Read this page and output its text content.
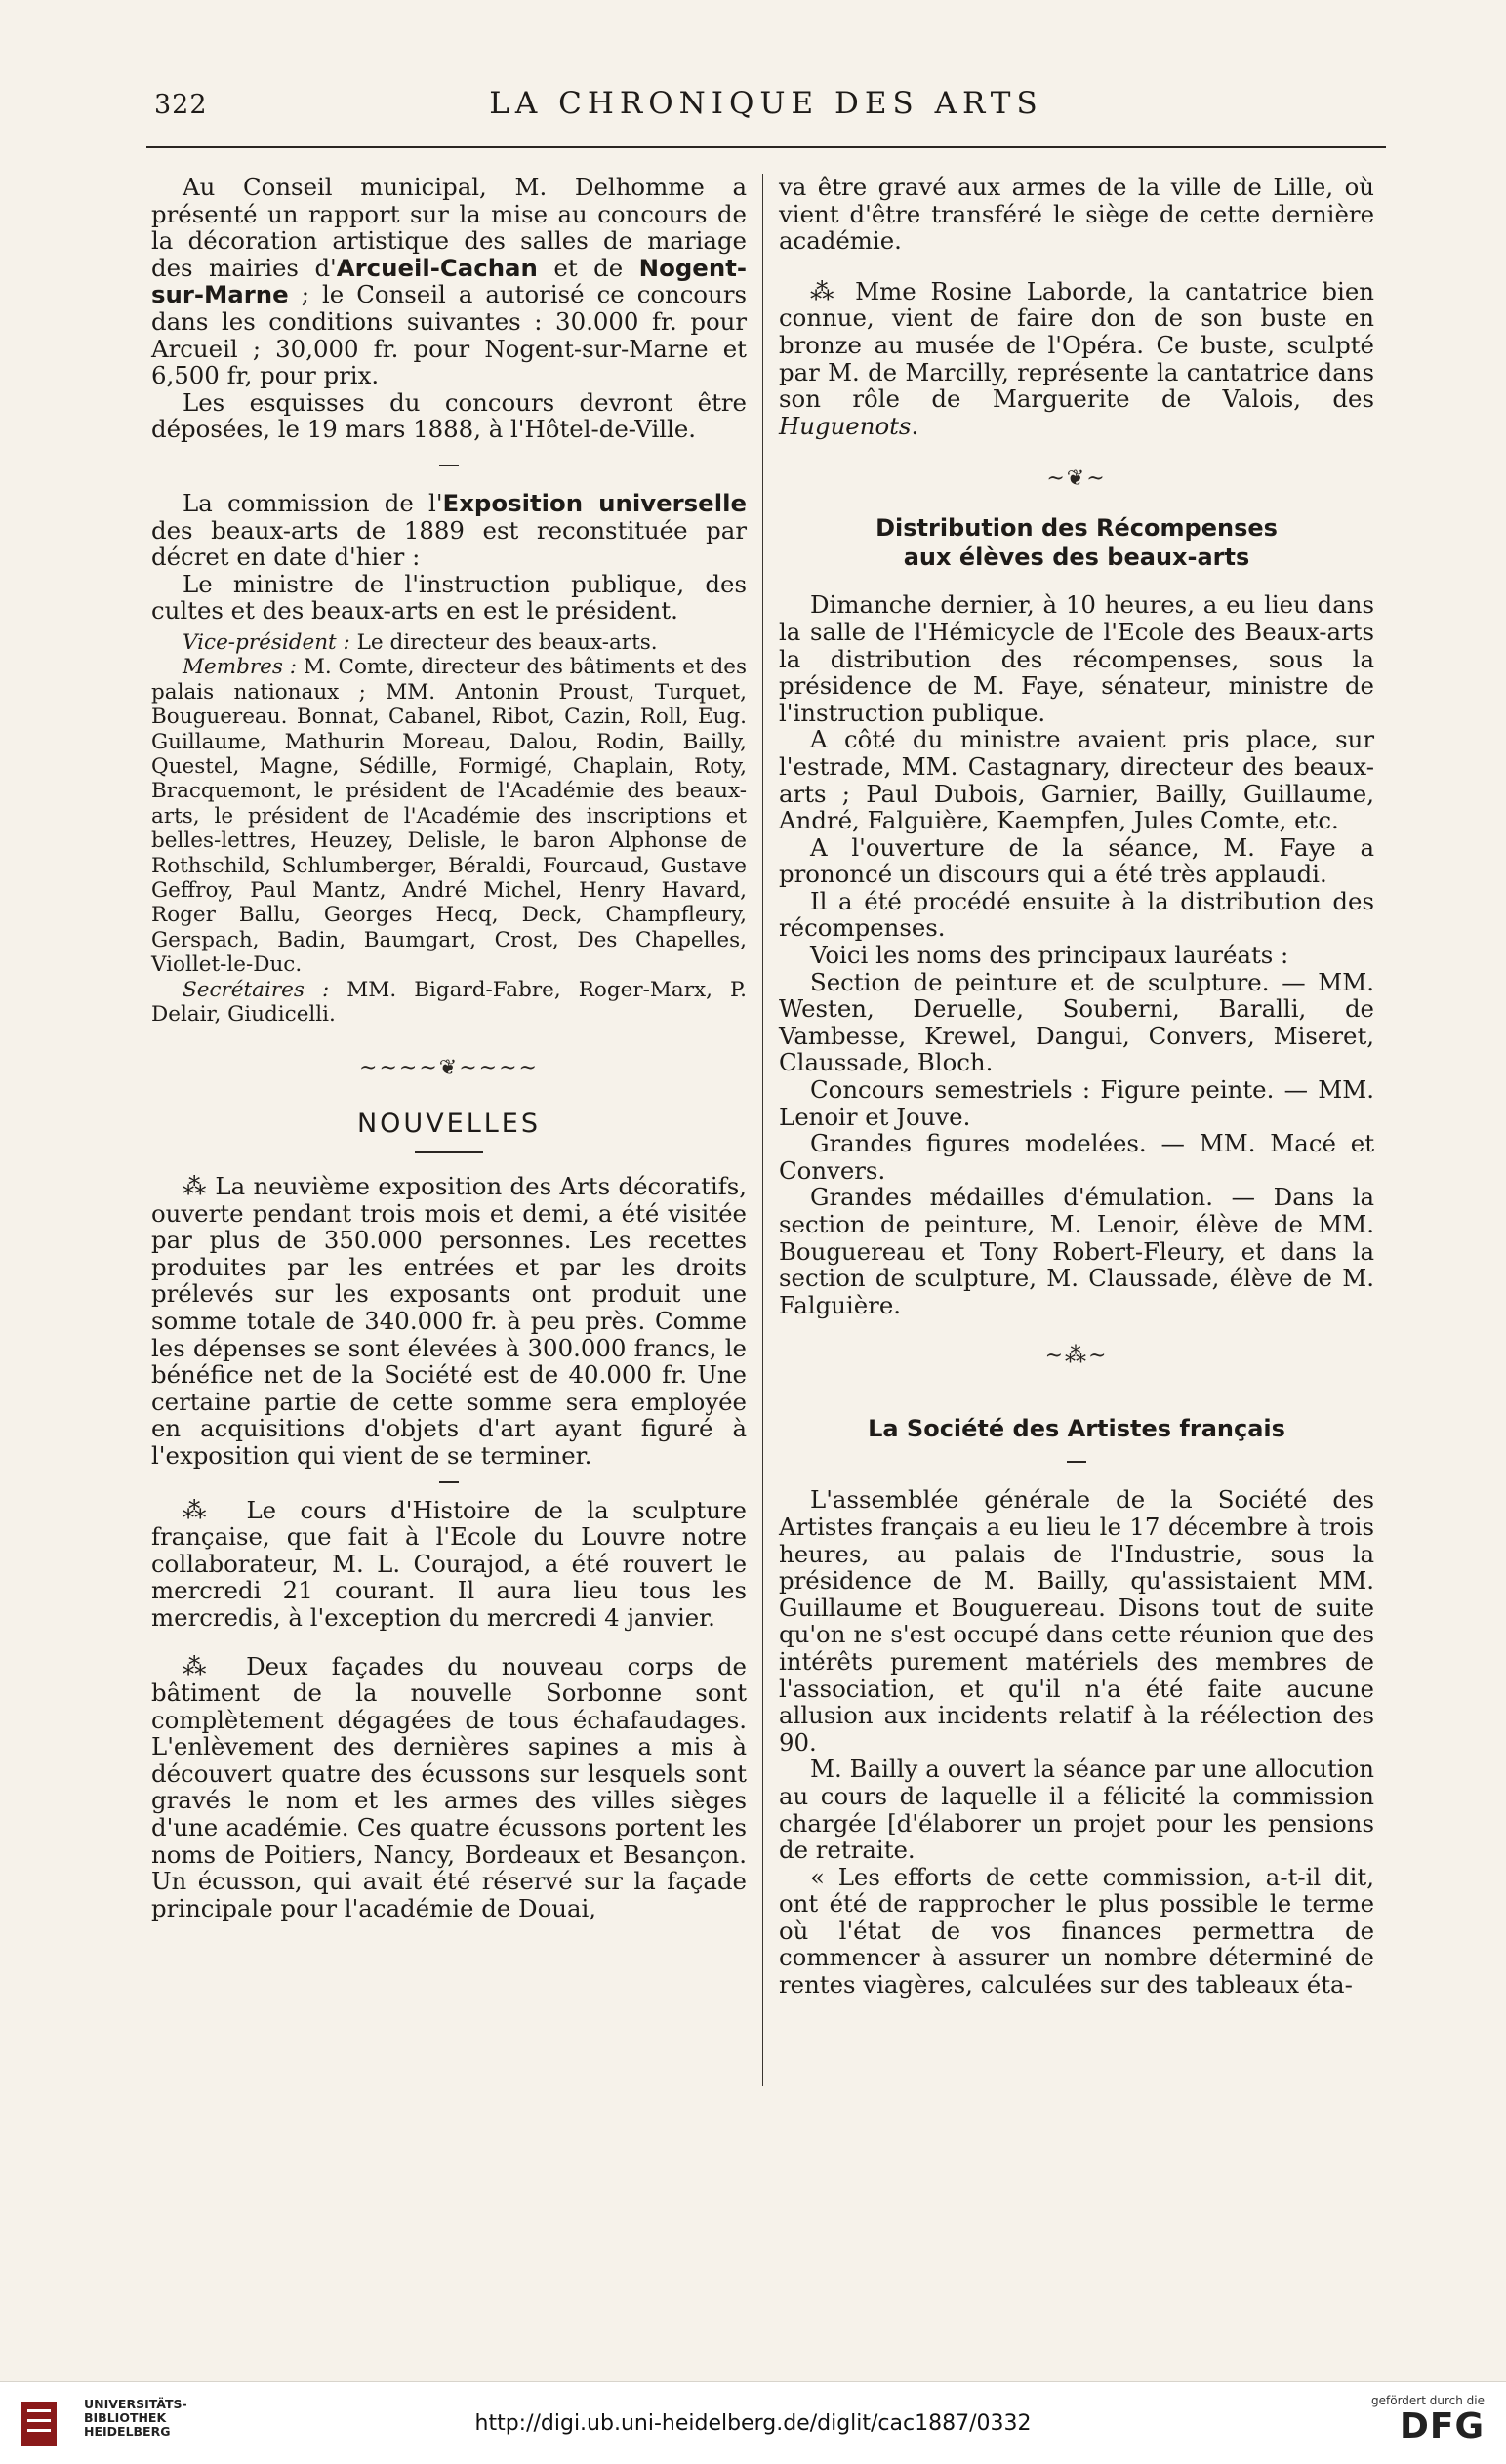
322	LA CHRONIQUE DES ARTS

Au Conseil municipal, M. Delhomme a présenté un rapport sur la mise au concours de la décoration artistique des salles de mariage des mairies d'Arcueil-Cachan et de Nogent-sur-Marne ; le Conseil a autorisé ce concours dans les conditions suivantes : 30.000 fr. pour Arcueil ; 30,000 fr. pour Nogent-sur-Marne et 6,500 fr, pour prix.

Les esquisses du concours devront être déposées, le 19 mars 1888, à l'Hôtel-de-Ville.

La commission de l'Exposition universelle des beaux-arts de 1889 est reconstituée par décret en date d'hier :

Le ministre de l'instruction publique, des cultes et des beaux-arts en est le président.

Vice-président : Le directeur des beaux-arts.

Membres : M. Comte, directeur des bâtiments et des palais nationaux ; MM. Antonin Proust, Turquet, Bouguereau. Bonnat, Cabanel, Ribot, Cazin, Roll, Eug. Guillaume, Mathurin Moreau, Dalou, Rodin, Bailly, Questel, Magne, Sédille, Formigé, Chaplain, Roty, Bracquemont, le président de l'Académie des beaux-arts, le président de l'Académie des inscriptions et belles-lettres, Heuzey, Delisle, le baron Alphonse de Rothschild, Schlumberger, Béraldi, Fourcaud, Gustave Geffroy, Paul Mantz, André Michel, Henry Havard, Roger Ballu, Georges Hecq, Deck, Champfleury, Gerspach, Badin, Baumgart, Crost, Des Chapelles, Viollet-le-Duc.

Secrétaires : MM. Bigard-Fabre, Roger-Marx, P. Delair, Giudicelli.

~~~~❦~~~~

NOUVELLES

⁂ La neuvième exposition des Arts décoratifs, ouverte pendant trois mois et demi, a été visitée par plus de 350.000 personnes. Les recettes produites par les entrées et par les droits prélevés sur les exposants ont produit une somme totale de 340.000 fr. à peu près. Comme les dépenses se sont élevées à 300.000 francs, le bénéfice net de la Société est de 40.000 fr. Une certaine partie de cette somme sera employée en acquisitions d'objets d'art ayant figuré à l'exposition qui vient de se terminer.

⁂ Le cours d'Histoire de la sculpture française, que fait à l'Ecole du Louvre notre collaborateur, M. L. Courajod, a été rouvert le mercredi 21 courant. Il aura lieu tous les mercredis, à l'exception du mercredi 4 janvier.

⁂ Deux façades du nouveau corps de bâtiment de la nouvelle Sorbonne sont complètement dégagées de tous échafaudages. L'enlèvement des dernières sapines a mis à découvert quatre des écussons sur lesquels sont gravés le nom et les armes des villes sièges d'une académie. Ces quatre écussons portent les noms de Poitiers, Nancy, Bordeaux et Besançon. Un écusson, qui avait été réservé sur la façade principale pour l'académie de Douai,

va être gravé aux armes de la ville de Lille, où vient d'être transféré le siège de cette dernière académie.

⁂ Mme Rosine Laborde, la cantatrice bien connue, vient de faire don de son buste en bronze au musée de l'Opéra. Ce buste, sculpté par M. de Marcilly, représente la cantatrice dans son rôle de Marguerite de Valois, des Huguenots.

~❦~

Distribution des Récompenses
aux élèves des beaux-arts

Dimanche dernier, à 10 heures, a eu lieu dans la salle de l'Hémicycle de l'Ecole des Beaux-arts la distribution des récompenses, sous la présidence de M. Faye, sénateur, ministre de l'instruction publique.

A côté du ministre avaient pris place, sur l'estrade, MM. Castagnary, directeur des beaux-arts ; Paul Dubois, Garnier, Bailly, Guillaume, André, Falguière, Kaempfen, Jules Comte, etc.

A l'ouverture de la séance, M. Faye a prononcé un discours qui a été très applaudi.

Il a été procédé ensuite à la distribution des récompenses.

Voici les noms des principaux lauréats :

Section de peinture et de sculpture. — MM. Westen, Deruelle, Souberni, Baralli, de Vambesse, Krewel, Dangui, Convers, Miseret, Claussade, Bloch.

Concours semestriels : Figure peinte. — MM. Lenoir et Jouve.

Grandes figures modelées. — MM. Macé et Convers.

Grandes médailles d'émulation. — Dans la section de peinture, M. Lenoir, élève de MM. Bouguereau et Tony Robert-Fleury, et dans la section de sculpture, M. Claussade, élève de M. Falguière.

~⁂~

La Société des Artistes français

L'assemblée générale de la Société des Artistes français a eu lieu le 17 décembre à trois heures, au palais de l'Industrie, sous la présidence de M. Bailly, qu'assistaient MM. Guillaume et Bouguereau. Disons tout de suite qu'on ne s'est occupé dans cette réunion que des intérêts purement matériels des membres de l'association, et qu'il n'a été faite aucune allusion aux incidents relatif à la réélection des 90.

M. Bailly a ouvert la séance par une allocution au cours de laquelle il a félicité la commission chargée [d'élaborer un projet pour les pensions de retraite.

« Les efforts de cette commission, a-t-il dit, ont été de rapprocher le plus possible le terme où l'état de vos finances permettra de commencer à assurer un nombre déterminé de rentes viagères, calculées sur des tableaux éta-

UNIVERSITÄTS-
BIBLIOTHEK
HEIDELBERG	http://digi.ub.uni-heidelberg.de/diglit/cac1887/0332
gefördert durch die
DFG
